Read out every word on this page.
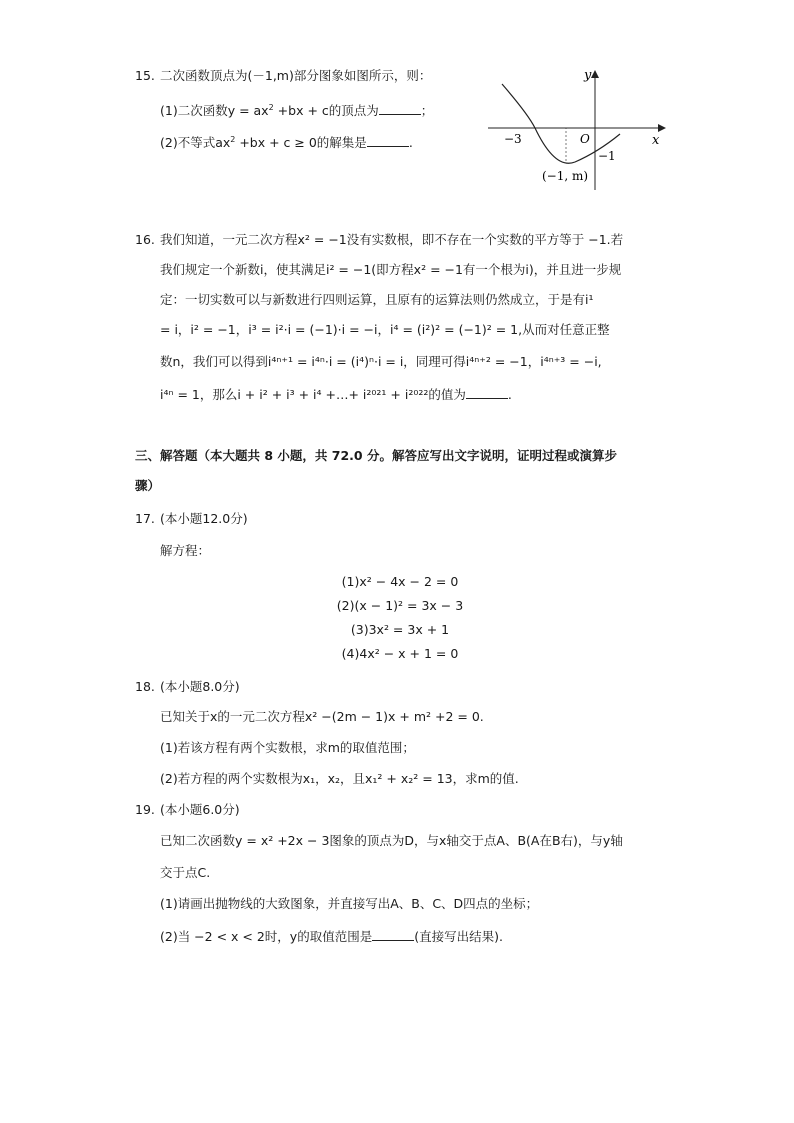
15. 二次函数顶点为(－1,m)部分图象如图所示，则：
(1)二次函数$y = ax^2 +bx + c$的顶点为	；
(2)不等式$ax^2 +bx + c \ge 0$的解集是	.
y
x
O
−3
−1
(−1, m)
16. 我们知道，一元二次方程x² = −1没有实数根，即不存在一个实数的平方等于 −1.若
我们规定一个新数i，使其满足i² = −1(即方程x² = −1有一个根为i)，并且进一步规
定：一切实数可以与新数进行四则运算，且原有的运算法则仍然成立，于是有i¹
= i，i² = −1，i³ = i²·i = (−1)·i = −i，i⁴ = (i²)² = (−1)² = 1,从而对任意正整
数n，我们可以得到i⁴ⁿ⁺¹ = i⁴ⁿ·i = (i⁴)ⁿ·i = i，同理可得i⁴ⁿ⁺² = −1，i⁴ⁿ⁺³ = −i,
i⁴ⁿ = 1，那么i + i² + i³ + i⁴ +…+ i²⁰²¹ + i²⁰²²的值为	.
三、解答题（本大题共 8 小题，共 72.0 分。解答应写出文字说明，证明过程或演算步
骤）
17. (本小题12.0分)
解方程：
(1)x² − 4x − 2 = 0
(2)(x − 1)² = 3x − 3
(3)3x² = 3x + 1
(4)4x² − x + 1 = 0
18. (本小题8.0分)
已知关于x的一元二次方程x² −(2m − 1)x + m² +2 = 0.
(1)若该方程有两个实数根，求m的取值范围；
(2)若方程的两个实数根为x₁，x₂，且x₁² + x₂² = 13，求m的值.
19. (本小题6.0分)
已知二次函数y = x² +2x − 3图象的顶点为D，与x轴交于点A、B(A在B右)，与y轴
交于点C.
(1)请画出抛物线的大致图象，并直接写出A、B、C、D四点的坐标；
(2)当 −2 < x < 2时，y的取值范围是	(直接写出结果).
